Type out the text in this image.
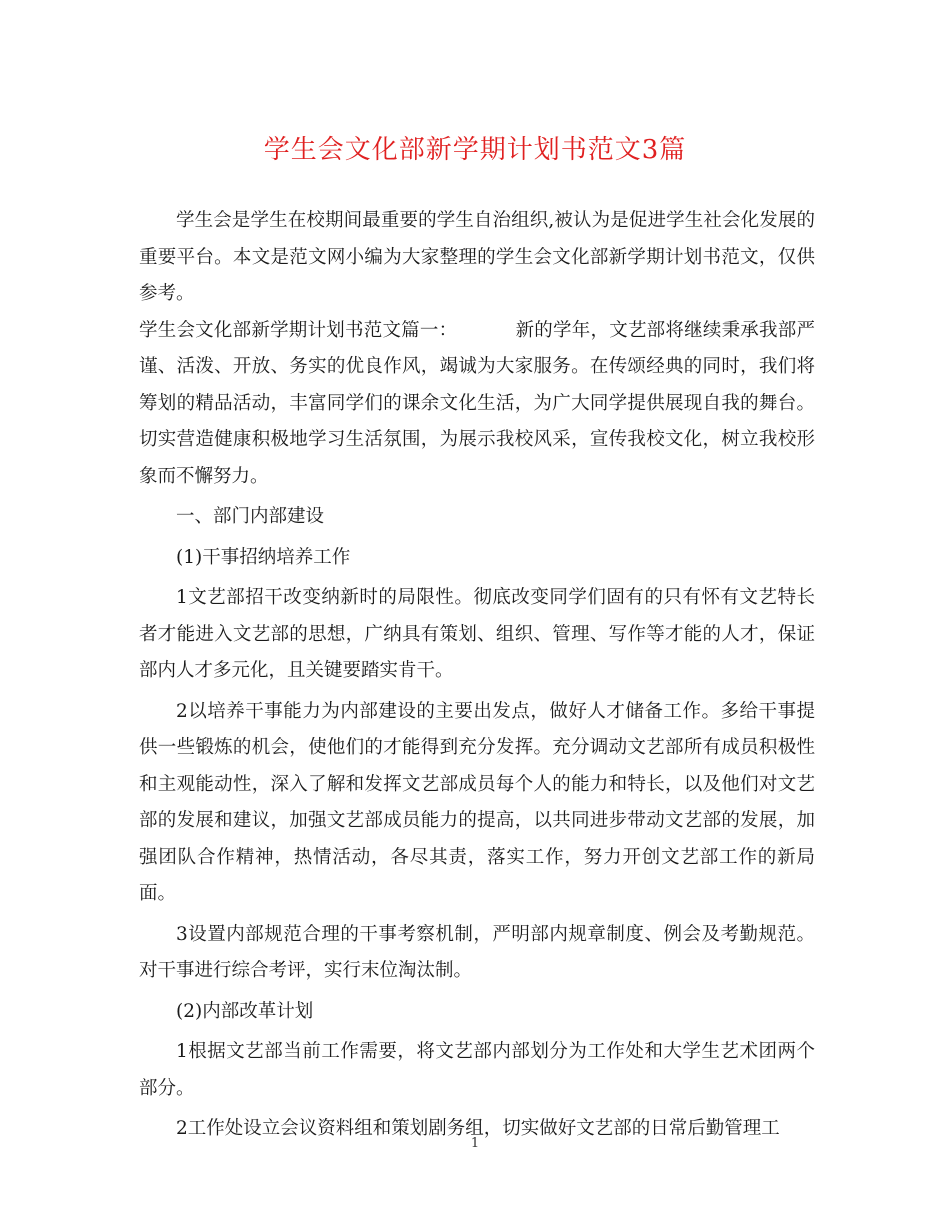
学生会文化部新学期计划书范文3篇

学生会是学生在校期间最重要的学生自治组织,被认为是促进学生社会化发展的重要平台。本文是范文网小编为大家整理的学生会文化部新学期计划书范文，仅供参考。

学生会文化部新学期计划书范文篇一：	新的学年，文艺部将继续秉承我部严谨、活泼、开放、务实的优良作风，竭诚为大家服务。在传颂经典的同时，我们将筹划的精品活动，丰富同学们的课余文化生活，为广大同学提供展现自我的舞台。切实营造健康积极地学习生活氛围，为展示我校风采，宣传我校文化，树立我校形象而不懈努力。

一、部门内部建设

(1)干事招纳培养工作

1文艺部招干改变纳新时的局限性。彻底改变同学们固有的只有怀有文艺特长者才能进入文艺部的思想，广纳具有策划、组织、管理、写作等才能的人才，保证部内人才多元化，且关键要踏实肯干。

2以培养干事能力为内部建设的主要出发点，做好人才储备工作。多给干事提供一些锻炼的机会，使他们的才能得到充分发挥。充分调动文艺部所有成员积极性和主观能动性，深入了解和发挥文艺部成员每个人的能力和特长，以及他们对文艺部的发展和建议，加强文艺部成员能力的提高，以共同进步带动文艺部的发展，加强团队合作精神，热情活动，各尽其责，落实工作，努力开创文艺部工作的新局面。

3设置内部规范合理的干事考察机制，严明部内规章制度、例会及考勤规范。对干事进行综合考评，实行末位淘汰制。

(2)内部改革计划

1根据文艺部当前工作需要，将文艺部内部划分为工作处和大学生艺术团两个部分。

2工作处设立会议资料组和策划剧务组，切实做好文艺部的日常后勤管理工

1
